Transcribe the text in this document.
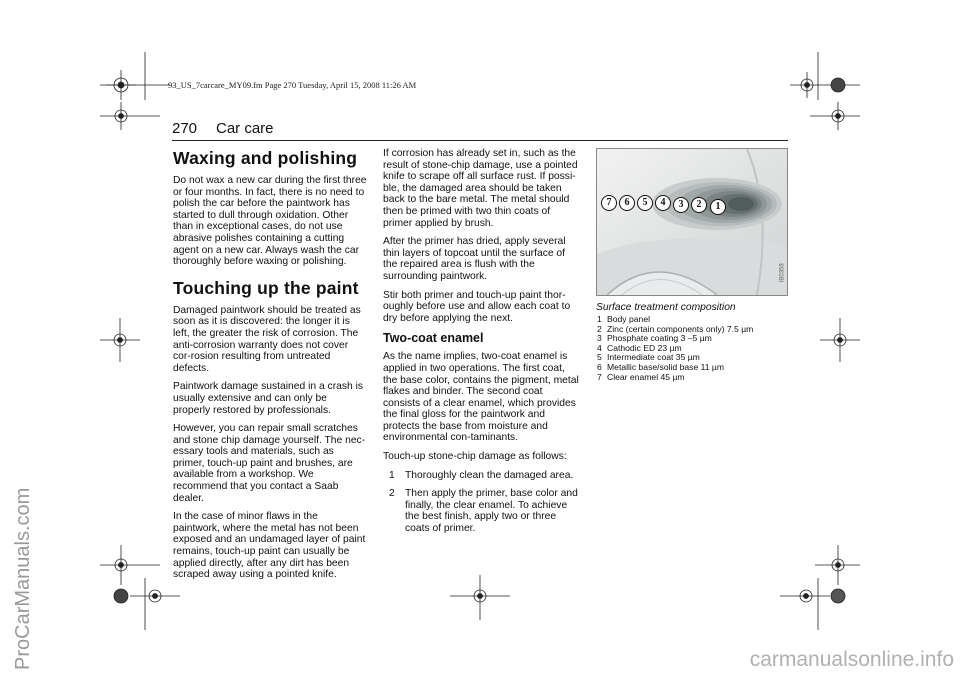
93_US_7carcare_MY09.fm Page 270 Tuesday, April 15, 2008 11:26 AM
270 Car care
ProCarManuals.com	carmanualsonline.info
Waxing and polishing

Do not wax a new car during the first three or four months. In fact, there is no need to polish the car before the paintwork has started to dull through oxidation. Other than in exceptional cases, do not use abrasive polishes containing a cutting agent on a new car. Always wash the car thoroughly before waxing or polishing.

Touching up the paint

Damaged paintwork should be treated as soon as it is discovered: the longer it is left, the greater the risk of corrosion. The anti-corrosion warranty does not cover cor-rosion resulting from untreated defects.

Paintwork damage sustained in a crash is usually extensive and can only be properly restored by professionals.

However, you can repair small scratches and stone chip damage yourself. The nec-essary tools and materials, such as primer, touch-up paint and brushes, are available from a workshop. We recommend that you contact a Saab dealer.

In the case of minor flaws in the paintwork, where the metal has not been exposed and an undamaged layer of paint remains, touch-up paint can usually be applied directly, after any dirt has been scraped away using a pointed knife.

If corrosion has already set in, such as the result of stone-chip damage, use a pointed knife to scrape off all surface rust. If possi-ble, the damaged area should be taken back to the bare metal. The metal should then be primed with two thin coats of primer applied by brush.

After the primer has dried, apply several thin layers of topcoat until the surface of the repaired area is flush with the surrounding paintwork.

Stir both primer and touch-up paint thor-oughly before use and allow each coat to dry before applying the next.

Two-coat enamel

As the name implies, two-coat enamel is applied in two operations. The first coat, the base color, contains the pigment, metal flakes and binder. The second coat consists of a clear enamel, which provides the final gloss for the paintwork and protects the base from moisture and environmental con-taminants.

Touch-up stone-chip damage as follows:

1 Thoroughly clean the damaged area.
2 Then apply the primer, base color and finally, the clear enamel. To achieve the best finish, apply two or three coats of primer.
7	6	5	4	3	2	1
IB0358
Surface treatment composition
1 Body panel
2 Zinc (certain components only) 7.5 µm
3 Phosphate coating 3 –5 µm
4 Cathodic ED 23 µm
5 Intermediate coat 35 µm
6 Metallic base/solid base 11 µm
7 Clear enamel 45 µm
